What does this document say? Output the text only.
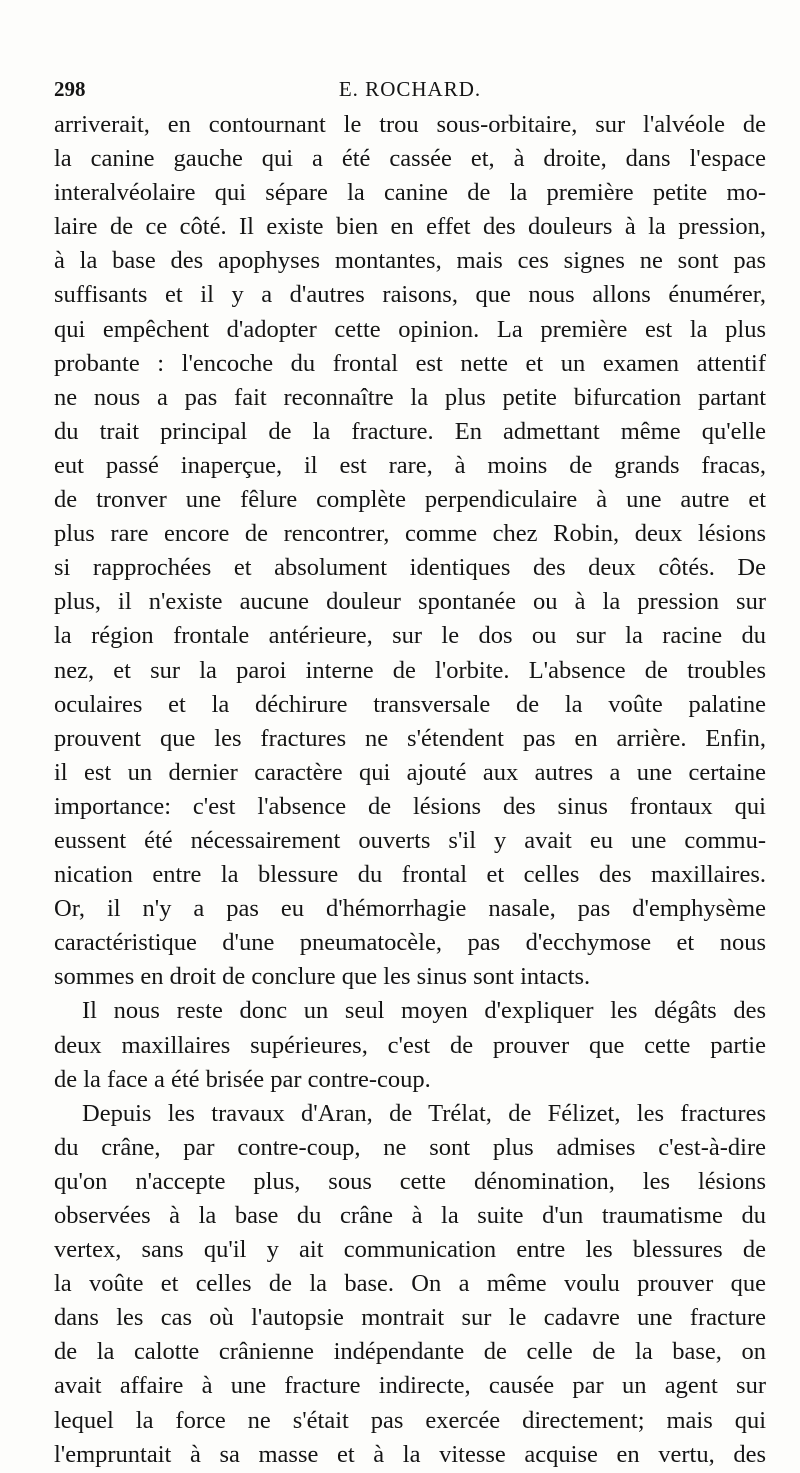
298	E. ROCHARD.
arriverait, en contournant le trou sous-orbitaire, sur l'alvéole de
la canine gauche qui a été cassée et, à droite, dans l'espace
interalvéolaire qui sépare la canine de la première petite mo-
laire de ce côté. Il existe bien en effet des douleurs à la pression,
à la base des apophyses montantes, mais ces signes ne sont pas
suffisants et il y a d'autres raisons, que nous allons énumérer,
qui empêchent d'adopter cette opinion. La première est la plus
probante : l'encoche du frontal est nette et un examen attentif
ne nous a pas fait reconnaître la plus petite bifurcation partant
du trait principal de la fracture. En admettant même qu'elle
eut passé inaperçue, il est rare, à moins de grands fracas,
de tronver une fêlure complète perpendiculaire à une autre et
plus rare encore de rencontrer, comme chez Robin, deux lésions
si rapprochées et absolument identiques des deux côtés. De
plus, il n'existe aucune douleur spontanée ou à la pression sur
la région frontale antérieure, sur le dos ou sur la racine du
nez, et sur la paroi interne de l'orbite. L'absence de troubles
oculaires et la déchirure transversale de la voûte palatine
prouvent que les fractures ne s'étendent pas en arrière. Enfin,
il est un dernier caractère qui ajouté aux autres a une certaine
importance: c'est l'absence de lésions des sinus frontaux qui
eussent été nécessairement ouverts s'il y avait eu une commu-
nication entre la blessure du frontal et celles des maxillaires.
Or, il n'y a pas eu d'hémorrhagie nasale, pas d'emphysème
caractéristique d'une pneumatocèle, pas d'ecchymose et nous
sommes en droit de conclure que les sinus sont intacts.
Il nous reste donc un seul moyen d'expliquer les dégâts des
deux maxillaires supérieures, c'est de prouver que cette partie
de la face a été brisée par contre-coup.
Depuis les travaux d'Aran, de Trélat, de Félizet, les fractures
du crâne, par contre-coup, ne sont plus admises c'est-à-dire
qu'on n'accepte plus, sous cette dénomination, les lésions
observées à la base du crâne à la suite d'un traumatisme du
vertex, sans qu'il y ait communication entre les blessures de
la voûte et celles de la base. On a même voulu prouver que
dans les cas où l'autopsie montrait sur le cadavre une fracture
de la calotte crânienne indépendante de celle de la base, on
avait affaire à une fracture indirecte, causée par un agent sur
lequel la force ne s'était pas exercée directement; mais qui
l'empruntait à sa masse et à la vitesse acquise en vertu, des
